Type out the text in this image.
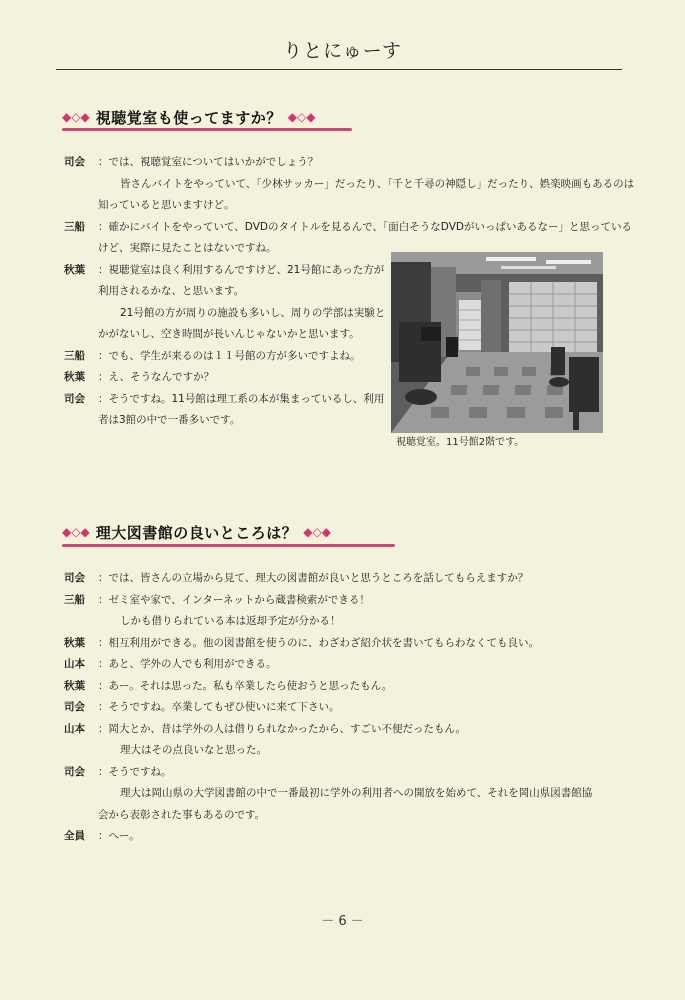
りとにゅーす
◆ ◇ ◆ 視聴覚室も使ってますか？ ◆ ◇ ◆
司会 ：では、視聴覚室についてはいかがでしょう？
皆さんバイトをやっていて、「少林サッカー」だったり、「千と千尋の神隠し」だったり、娯楽映画もあるのは
知っていると思いますけど。
三船 ：確かにバイトをやっていて、DVDのタイトルを見るんで、「面白そうなDVDがいっぱいあるなー」と思っている
けど、実際に見たことはないですね。
秋葉 ：視聴覚室は良く利用するんですけど、21号館にあった方が
利用されるかな、と思います。
21号館の方が周りの施設も多いし、周りの学部は実験と
かがないし、空き時間が長いんじゃないかと思います。
三船 ：でも、学生が来るのは１１号館の方が多いですよね。
秋葉 ：え、そうなんですか？
司会 ：そうですね。11号館は理工系の本が集まっているし、利用
者は3館の中で一番多いです。
視聴覚室。11号館2階です。
◆ ◇ ◆ 理大図書館の良いところは？ ◆ ◇ ◆
司会 ：では、皆さんの立場から見て、理大の図書館が良いと思うところを話してもらえますか？
三船 ：ゼミ室や家で、インターネットから蔵書検索ができる！
しかも借りられている本は返却予定が分かる！
秋葉 ：相互利用ができる。他の図書館を使うのに、わざわざ紹介状を書いてもらわなくても良い。
山本 ：あと、学外の人でも利用ができる。
秋葉 ：あー。それは思った。私も卒業したら使おうと思ったもん。
司会 ：そうですね。卒業してもぜひ使いに来て下さい。
山本 ：岡大とか、昔は学外の人は借りられなかったから、すごい不便だったもん。
理大はその点良いなと思った。
司会 ：そうですね。
理大は岡山県の大学図書館の中で一番最初に学外の利用者への開放を始めて、それを岡山県図書館協
会から表彰された事もあるのです。
全員 ：へー。
－ 6 －
